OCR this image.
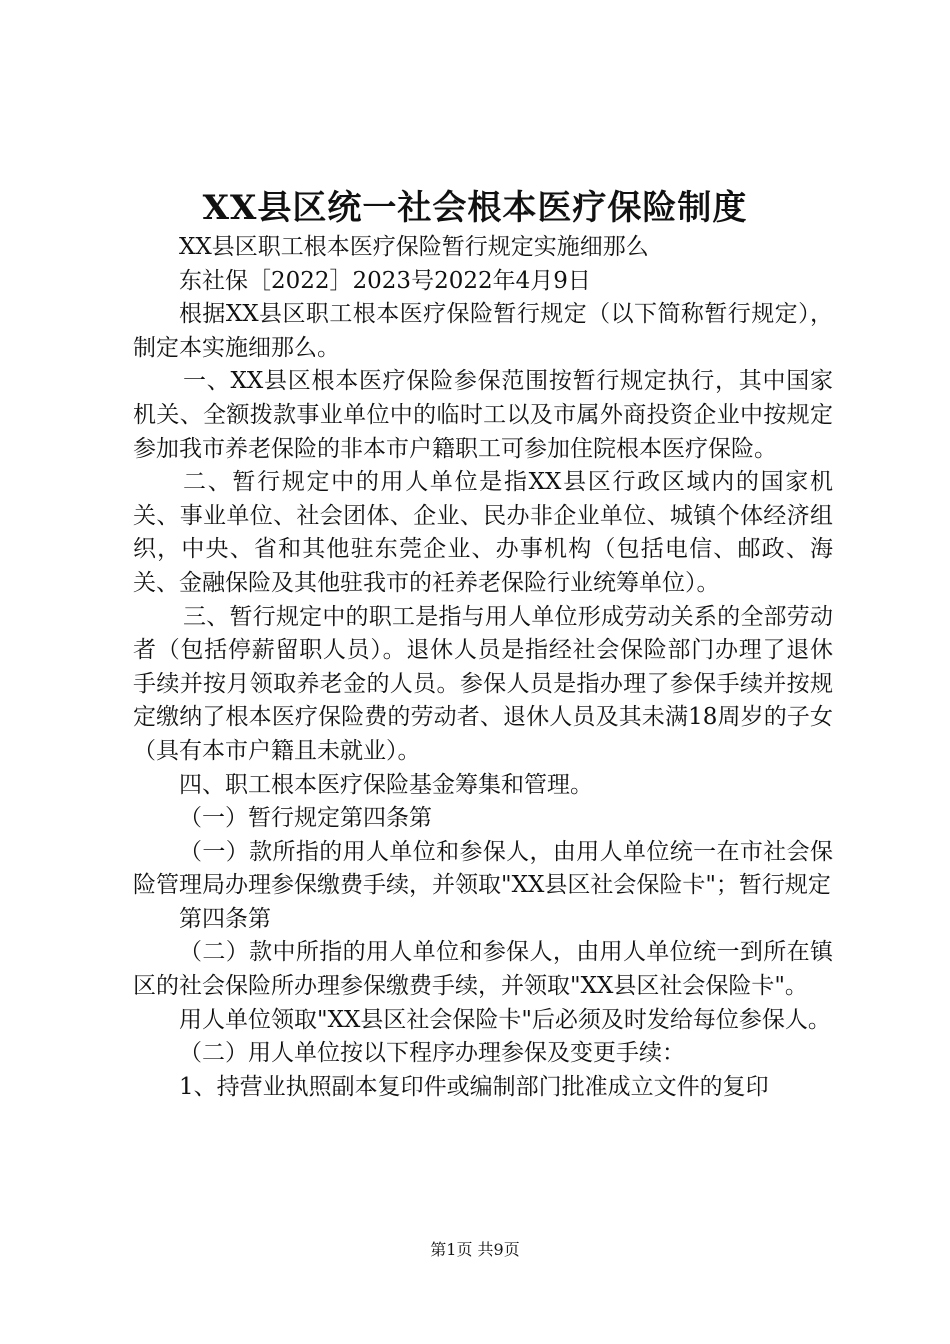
XX县区统一社会根本医疗保险制度

XX县区职工根本医疗保险暂行规定实施细那么

东社保［2022］2023号2022年4月9日

根据XX县区职工根本医疗保险暂行规定（以下简称暂行规定），制定本实施细那么。

一、XX县区根本医疗保险参保范围按暂行规定执行，其中国家机关、全额拨款事业单位中的临时工以及市属外商投资企业中按规定参加我市养老保险的非本市户籍职工可参加住院根本医疗保险。

二、暂行规定中的用人单位是指XX县区行政区域内的国家机关、事业单位、社会团体、企业、民办非企业单位、城镇个体经济组织，中央、省和其他驻东莞企业、办事机构（包括电信、邮政、海关、金融保险及其他驻我市的衽养老保险行业统筹单位）。

三、暂行规定中的职工是指与用人单位形成劳动关系的全部劳动者（包括停薪留职人员）。退休人员是指经社会保险部门办理了退休手续并按月领取养老金的人员。参保人员是指办理了参保手续并按规定缴纳了根本医疗保险费的劳动者、退休人员及其未满18周岁的子女（具有本市户籍且未就业）。

四、职工根本医疗保险基金筹集和管理。

（一）暂行规定第四条第

（一）款所指的用人单位和参保人，由用人单位统一在市社会保险管理局办理参保缴费手续，并领取"XX县区社会保险卡"；暂行规定

第四条第

（二）款中所指的用人单位和参保人，由用人单位统一到所在镇区的社会保险所办理参保缴费手续，并领取"XX县区社会保险卡"。

用人单位领取"XX县区社会保险卡"后必须及时发给每位参保人。

（二）用人单位按以下程序办理参保及变更手续：

1、持营业执照副本复印件或编制部门批准成立文件的复印

第1页 共9页
